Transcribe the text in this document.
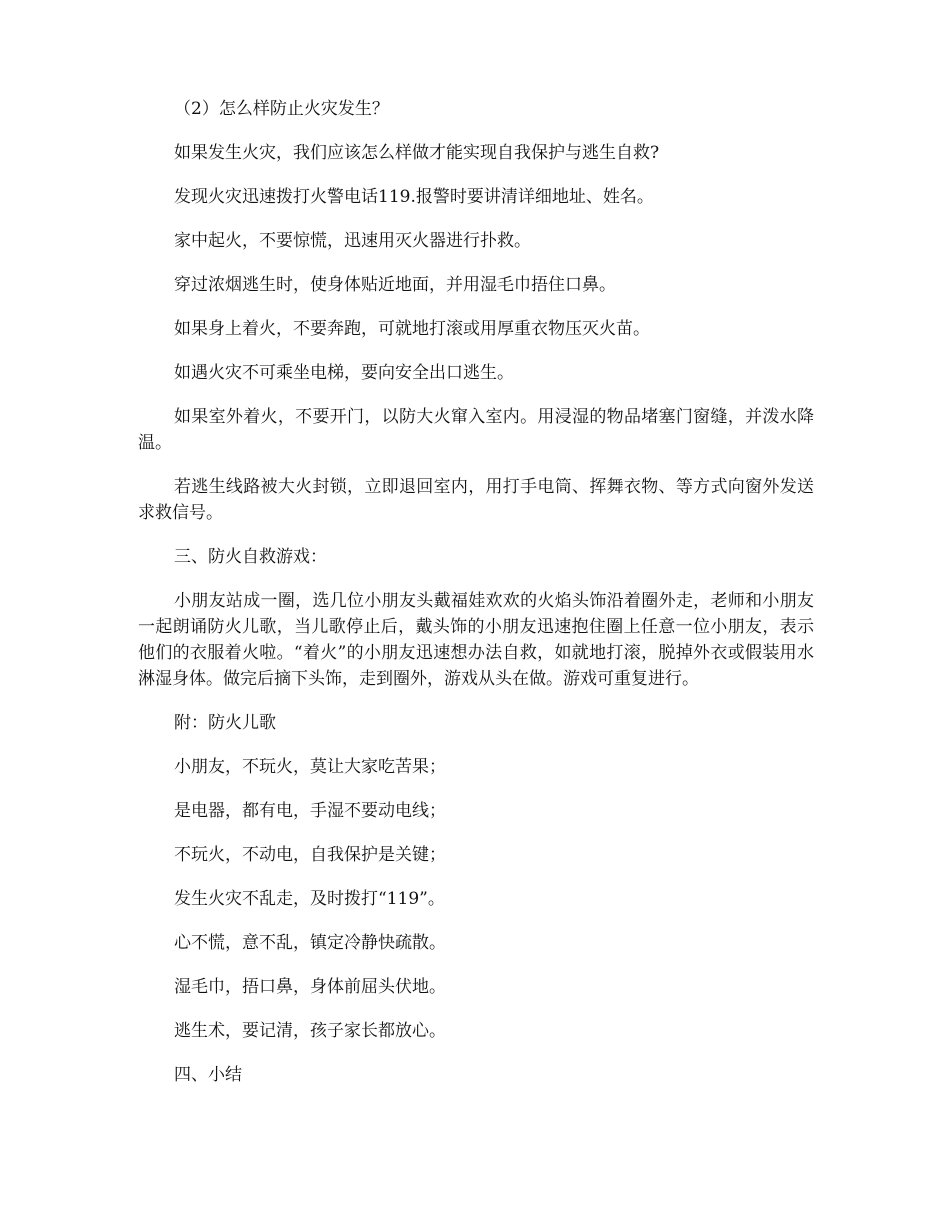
（2）怎么样防止火灾发生？

如果发生火灾，我们应该怎么样做才能实现自我保护与逃生自救?

发现火灾迅速拨打火警电话119.报警时要讲清详细地址、姓名。

家中起火，不要惊慌，迅速用灭火器进行扑救。

穿过浓烟逃生时，使身体贴近地面，并用湿毛巾捂住口鼻。

如果身上着火，不要奔跑，可就地打滚或用厚重衣物压灭火苗。

如遇火灾不可乘坐电梯，要向安全出口逃生。

如果室外着火，不要开门，以防大火窜入室内。用浸湿的物品堵塞门窗缝，并泼水降温。

若逃生线路被大火封锁，立即退回室内，用打手电筒、挥舞衣物、等方式向窗外发送求救信号。

三、防火自救游戏：

小朋友站成一圈，选几位小朋友头戴福娃欢欢的火焰头饰沿着圈外走，老师和小朋友一起朗诵防火儿歌，当儿歌停止后，戴头饰的小朋友迅速抱住圈上任意一位小朋友，表示他们的衣服着火啦。“着火”的小朋友迅速想办法自救，如就地打滚，脱掉外衣或假装用水淋湿身体。做完后摘下头饰，走到圈外，游戏从头在做。游戏可重复进行。

附：防火儿歌

小朋友，不玩火，莫让大家吃苦果；

是电器，都有电，手湿不要动电线；

不玩火，不动电，自我保护是关键；

发生火灾不乱走，及时拨打“119”。

心不慌，意不乱，镇定冷静快疏散。

湿毛巾，捂口鼻，身体前屈头伏地。

逃生术，要记清，孩子家长都放心。

四、小结
